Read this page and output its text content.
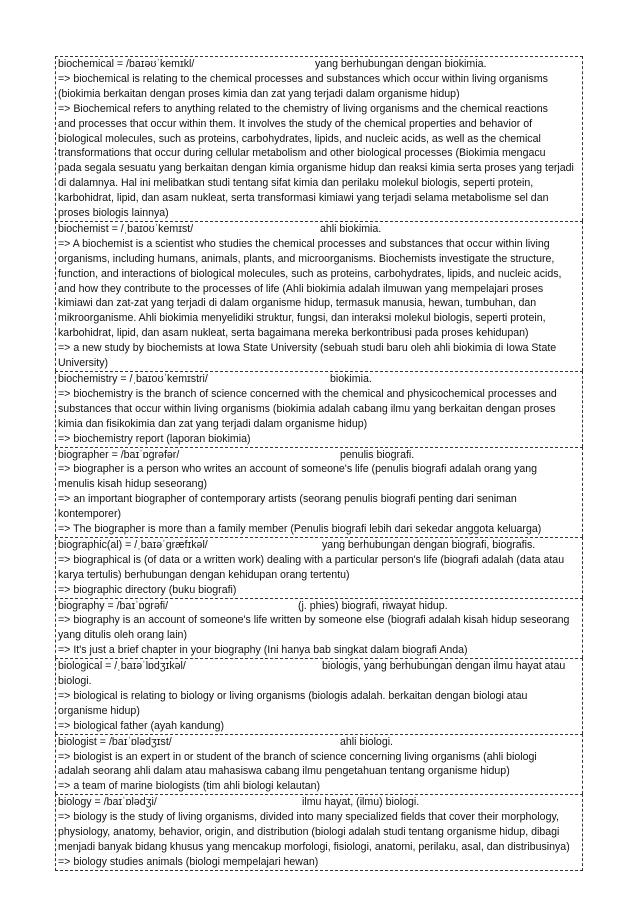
biochemical = /baɪəʊˈkemɪkl/	yang berhubungan dengan biokimia.
=> biochemical is relating to the chemical processes and substances which occur within living organisms
(biokimia berkaitan dengan proses kimia dan zat yang terjadi dalam organisme hidup)
=> Biochemical refers to anything related to the chemistry of living organisms and the chemical reactions
and processes that occur within them. It involves the study of the chemical properties and behavior of
biological molecules, such as proteins, carbohydrates, lipids, and nucleic acids, as well as the chemical
transformations that occur during cellular metabolism and other biological processes (Biokimia mengacu
pada segala sesuatu yang berkaitan dengan kimia organisme hidup dan reaksi kimia serta proses yang terjadi
di dalamnya. Hal ini melibatkan studi tentang sifat kimia dan perilaku molekul biologis, seperti protein,
karbohidrat, lipid, dan asam nukleat, serta transformasi kimiawi yang terjadi selama metabolisme sel dan
proses biologis lainnya)
biochemist = /ˌbaɪoʊˈkemɪst/	ahli biokimia.
=> A biochemist is a scientist who studies the chemical processes and substances that occur within living
organisms, including humans, animals, plants, and microorganisms. Biochemists investigate the structure,
function, and interactions of biological molecules, such as proteins, carbohydrates, lipids, and nucleic acids,
and how they contribute to the processes of life (Ahli biokimia adalah ilmuwan yang mempelajari proses
kimiawi dan zat-zat yang terjadi di dalam organisme hidup, termasuk manusia, hewan, tumbuhan, dan
mikroorganisme. Ahli biokimia menyelidiki struktur, fungsi, dan interaksi molekul biologis, seperti protein,
karbohidrat, lipid, dan asam nukleat, serta bagaimana mereka berkontribusi pada proses kehidupan)
=> a new study by biochemists at Iowa State University (sebuah studi baru oleh ahli biokimia di Iowa State
University)
biochemistry = /ˌbaɪoʊˈkemɪstri/	biokimia.
=> biochemistry is the branch of science concerned with the chemical and physicochemical processes and
substances that occur within living organisms (biokimia adalah cabang ilmu yang berkaitan dengan proses
kimia dan fisikokimia dan zat yang terjadi dalam organisme hidup)
=> biochemistry report (laporan biokimia)
biographer = /baɪˈɒgrəfər/	penulis biografi.
=> biographer is a person who writes an account of someone's life (penulis biografi adalah orang yang
menulis kisah hidup seseorang)
=> an important biographer of contemporary artists (seorang penulis biografi penting dari seniman
kontemporer)
=> The biographer is more than a family member (Penulis biografi lebih dari sekedar anggota keluarga)
biographic(al) = /ˌbaɪəˈgræfɪkəl/	yang berhubungan dengan biografi, biografis.
=> biographical is (of data or a written work) dealing with a particular person's life (biografi adalah (data atau
karya tertulis) berhubungan dengan kehidupan orang tertentu)
=> biographic directory (buku biografi)
biography = /baɪˈɒgrəfi/	(j. phies) biografi, riwayat hidup.
=> biography is an account of someone's life written by someone else (biografi adalah kisah hidup seseorang
yang ditulis oleh orang lain)
=> It's just a brief chapter in your biography (Ini hanya bab singkat dalam biografi Anda)
biological = /ˌbaɪəˈlɒdʒɪkəl/	biologis, yang berhubungan dengan ilmu hayat atau
biologi.
=> biological is relating to biology or living organisms (biologis adalah. berkaitan dengan biologi atau
organisme hidup)
=> biological father (ayah kandung)
biologist = /baɪˈɒlədʒɪst/	ahli biologi.
=> biologist is an expert in or student of the branch of science concerning living organisms (ahli biologi
adalah seorang ahli dalam atau mahasiswa cabang ilmu pengetahuan tentang organisme hidup)
=> a team of marine biologists (tim ahli biologi kelautan)
biology = /baɪˈɒlədʒi/	ilmu hayat, (ilmu) biologi.
=> biology is the study of living organisms, divided into many specialized fields that cover their morphology,
physiology, anatomy, behavior, origin, and distribution (biologi adalah studi tentang organisme hidup, dibagi
menjadi banyak bidang khusus yang mencakup morfologi, fisiologi, anatomi, perilaku, asal, dan distribusinya)
=> biology studies animals (biologi mempelajari hewan)
